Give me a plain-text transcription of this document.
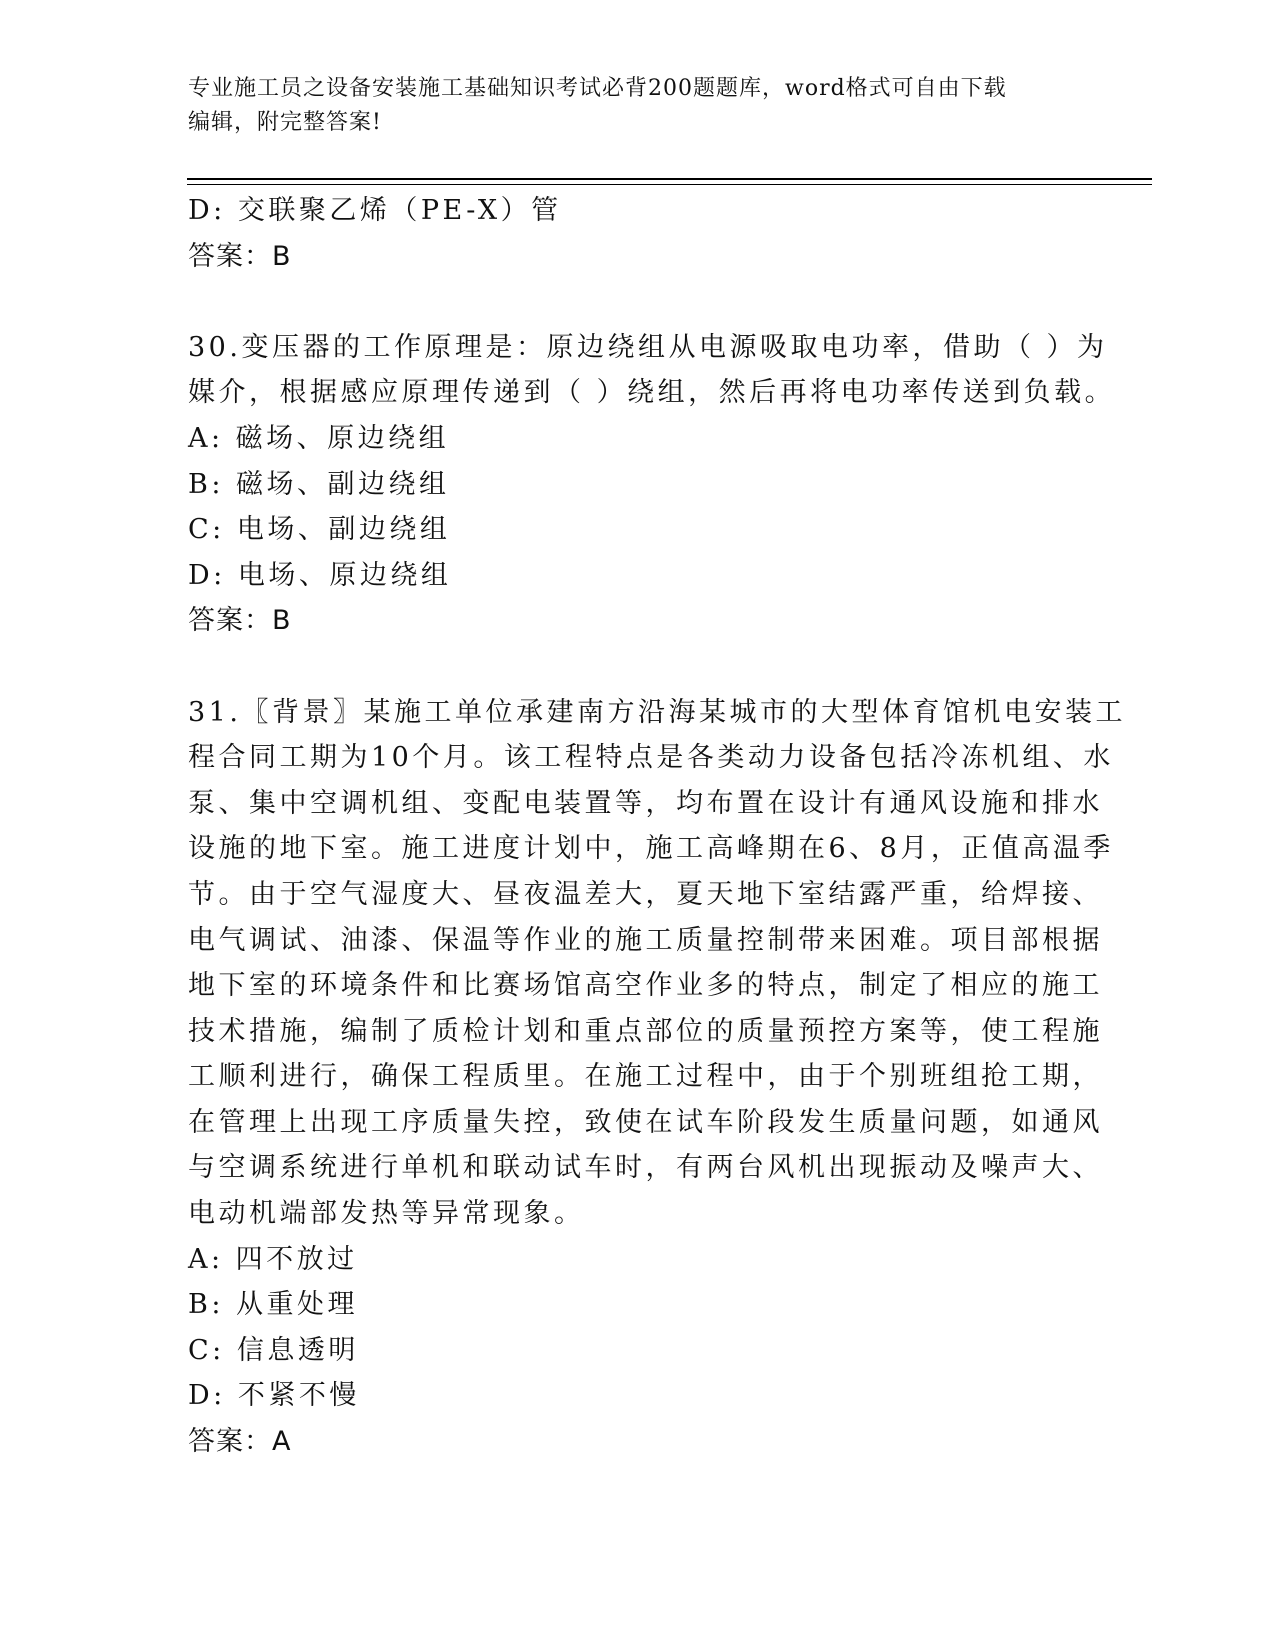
专业施工员之设备安装施工基础知识考试必背200题题库，word格式可自由下载
编辑，附完整答案!
D: 交联聚乙烯（PE-X）管
答案：B
30.变压器的工作原理是：原边绕组从电源吸取电功率，借助（ ）为
媒介，根据感应原理传递到（ ）绕组，然后再将电功率传送到负载。
A: 磁场、原边绕组
B: 磁场、副边绕组
C: 电场、副边绕组
D: 电场、原边绕组
答案：B
31.〖背景〗某施工单位承建南方沿海某城市的大型体育馆机电安装工
程合同工期为10个月。该工程特点是各类动力设备包括冷冻机组、水
泵、集中空调机组、变配电装置等，均布置在设计有通风设施和排水
设施的地下室。施工进度计划中，施工高峰期在6、8月，正值高温季
节。由于空气湿度大、昼夜温差大，夏天地下室结露严重，给焊接、
电气调试、油漆、保温等作业的施工质量控制带来困难。项目部根据
地下室的环境条件和比赛场馆高空作业多的特点，制定了相应的施工
技术措施，编制了质检计划和重点部位的质量预控方案等，使工程施
工顺利进行，确保工程质里。在施工过程中，由于个别班组抢工期，
在管理上出现工序质量失控，致使在试车阶段发生质量问题，如通风
与空调系统进行单机和联动试车时，有两台风机出现振动及噪声大、
电动机端部发热等异常现象。
A: 四不放过
B: 从重处理
C: 信息透明
D: 不紧不慢
答案：A
